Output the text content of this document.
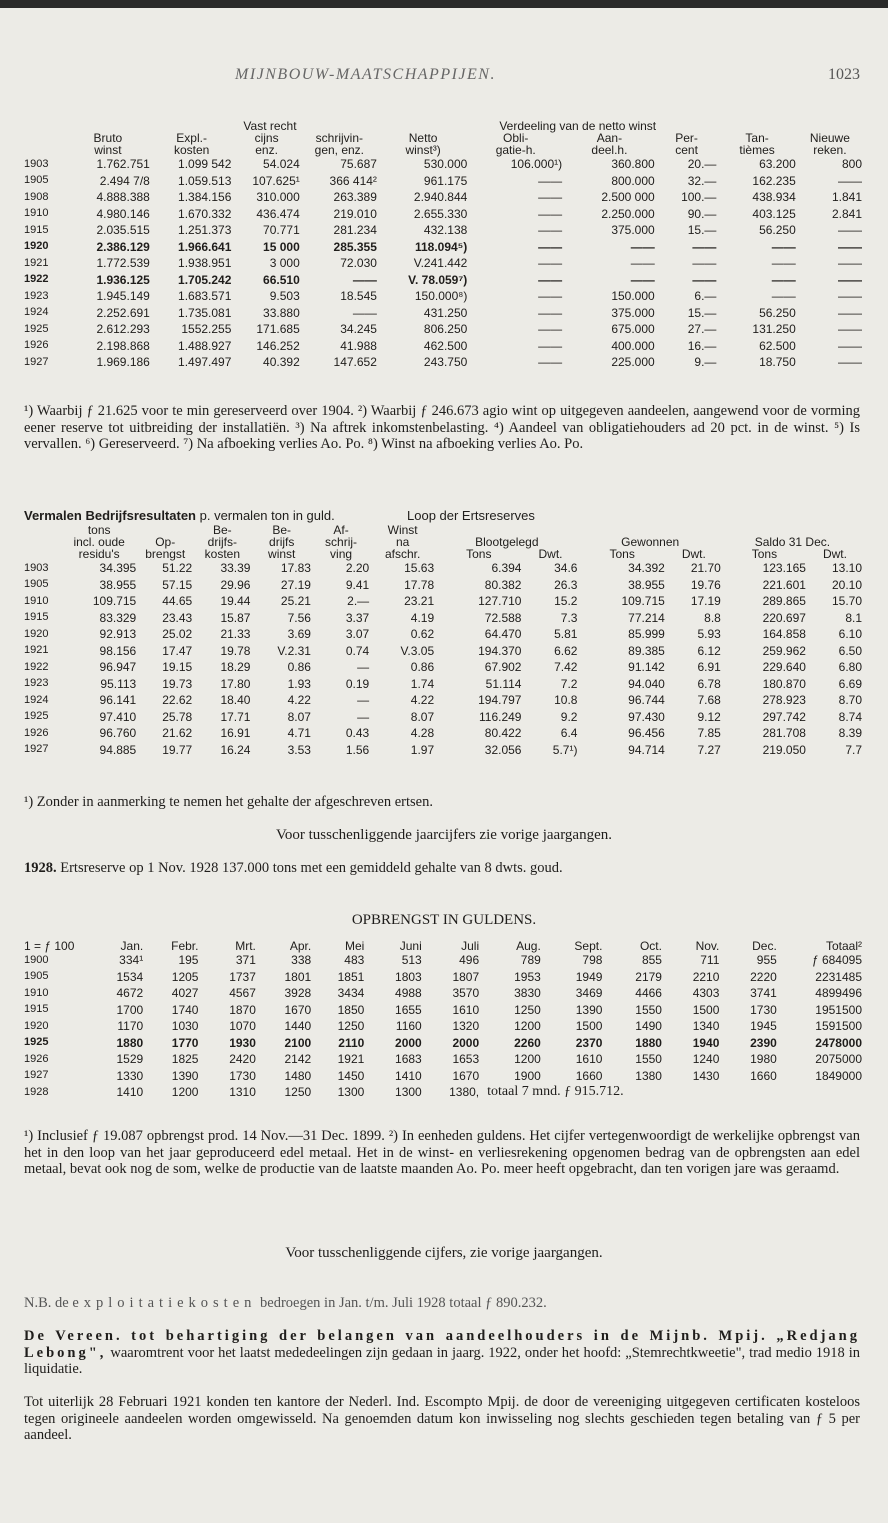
MIJNBOUW-MAATSCHAPPIJEN.	1023
			Vast recht			Verdeeling van de netto winst				
	Bruto	Expl.-	cijns	schrijvin-	Netto	Obli-	Aan-	Per-	Tan-	Nieuwe
	winst	kosten	enz.	gen, enz.	winst³)	gatie-h.	deel.h.	cent	tièmes	reken.
1903	1.762.751	1.099 542	54.024	75.687	530.000	106.000¹)	360.800	20.—	63.200	800
1905	2.494 7/8	1.059.513	107.625¹	366 414²	961.175	——	800.000	32.—	162.235	——
1908	4.888.388	1.384.156	310.000	263.389	2.940.844	——	2.500 000	100.—	438.934	1.841
1910	4.980.146	1.670.332	436.474	219.010	2.655.330	——	2.250.000	90.—	403.125	2.841
1915	2.035.515	1.251.373	70.771	281.234	432.138	——	375.000	15.—	56.250	——
1920	2.386.129	1.966.641	15 000	285.355	118.094⁵)	——	——	——	——	——
1921	1.772.539	1.938.951	3 000	72.030	V.241.442	——	——	——	——	——
1922	1.936.125	1.705.242	66.510	——	V. 78.059⁷)	——	——	——	——	——
1923	1.945.149	1.683.571	9.503	18.545	150.000⁸)	——	150.000	6.—	——	——
1924	2.252.691	1.735.081	33.880	——	431.250	——	375.000	15.—	56.250	——
1925	2.612.293	1552.255	171.685	34.245	806.250	——	675.000	27.—	131.250	——
1926	2.198.868	1.488.927	146.252	41.988	462.500	——	400.000	16.—	62.500	——
1927	1.969.186	1.497.497	40.392	147.652	243.750	——	225.000	9.—	18.750	——
¹) Waarbij ƒ 21.625 voor te min gereserveerd over 1904. ²) Waarbij ƒ 246.673 agio wint op uitgegeven aandeelen, aangewend voor de vorming eener reserve tot uitbreiding der installatiën. ³) Na aftrek inkomstenbelasting. ⁴) Aandeel van obligatiehouders ad 20 pct. in de winst. ⁵) Is vervallen. ⁶) Gereserveerd. ⁷) Na afboeking verlies Ao. Po. ⁸) Winst na afboeking verlies Ao. Po.
Vermalen Bedrijfsresultaten p. vermalen ton in guld.	Loop der Ertsreserves
	tons		Be-	Be-	Af-	Winst						
	incl. oude	Op-	drijfs-	drijfs	schrij-	na	Blootgelegd		Gewonnen		Saldo 31 Dec.	
	residu's	brengst	kosten	winst	ving	afschr.	Tons	Dwt.	Tons	Dwt.	Tons	Dwt.
1903	34.395	51.22	33.39	17.83	2.20	15.63	6.394	34.6	34.392	21.70	123.165	13.10
1905	38.955	57.15	29.96	27.19	9.41	17.78	80.382	26.3	38.955	19.76	221.601	20.10
1910	109.715	44.65	19.44	25.21	2.—	23.21	127.710	15.2	109.715	17.19	289.865	15.70
1915	83.329	23.43	15.87	7.56	3.37	4.19	72.588	7.3	77.214	8.8	220.697	8.1
1920	92.913	25.02	21.33	3.69	3.07	0.62	64.470	5.81	85.999	5.93	164.858	6.10
1921	98.156	17.47	19.78	V.2.31	0.74	V.3.05	194.370	6.62	89.385	6.12	259.962	6.50
1922	96.947	19.15	18.29	0.86	—	0.86	67.902	7.42	91.142	6.91	229.640	6.80
1923	95.113	19.73	17.80	1.93	0.19	1.74	51.114	7.2	94.040	6.78	180.870	6.69
1924	96.141	22.62	18.40	4.22	—	4.22	194.797	10.8	96.744	7.68	278.923	8.70
1925	97.410	25.78	17.71	8.07	—	8.07	116.249	9.2	97.430	9.12	297.742	8.74
1926	96.760	21.62	16.91	4.71	0.43	4.28	80.422	6.4	96.456	7.85	281.708	8.39
1927	94.885	19.77	16.24	3.53	1.56	1.97	32.056	5.7¹)	94.714	7.27	219.050	7.7
¹) Zonder in aanmerking te nemen het gehalte der afgeschreven ertsen.
Voor tusschenliggende jaarcijfers zie vorige jaargangen.
1928. Ertsreserve op 1 Nov. 1928 137.000 tons met een gemiddeld gehalte van 8 dwts. goud.
OPBRENGST IN GULDENS.
1 = ƒ 100	Jan.	Febr.	Mrt.	Apr.	Mei	Juni	Juli	Aug.	Sept.	Oct.	Nov.	Dec.	Totaal²
1900	334¹	195	371	338	483	513	496	789	798	855	711	955	ƒ 684095
1905	1534	1205	1737	1801	1851	1803	1807	1953	1949	2179	2210	2220	2231485
1910	4672	4027	4567	3928	3434	4988	3570	3830	3469	4466	4303	3741	4899496
1915	1700	1740	1870	1670	1850	1655	1610	1250	1390	1550	1500	1730	1951500
1920	1170	1030	1070	1440	1250	1160	1320	1200	1500	1490	1340	1945	1591500
1925	1880	1770	1930	2100	2110	2000	2000	2260	2370	1880	1940	2390	2478000
1926	1529	1825	2420	2142	1921	1683	1653	1200	1610	1550	1240	1980	2075000
1927	1330	1390	1730	1480	1450	1410	1670	1900	1660	1380	1430	1660	1849000
1928	1410	1200	1310	1250	1300	1300	1380,	totaal 7 mnd. ƒ 915.712.					
¹) Inclusief ƒ 19.087 opbrengst prod. 14 Nov.—31 Dec. 1899. ²) In eenheden guldens. Het cijfer vertegenwoordigt de werkelijke opbrengst van het in den loop van het jaar geproduceerd edel metaal. Het in de winst- en verliesrekening opgenomen bedrag van de opbrengsten aan edel metaal, bevat ook nog de som, welke de productie van de laatste maanden Ao. Po. meer heeft opgebracht, dan ten vorigen jare was geraamd.
Voor tusschenliggende cijfers, zie vorige jaargangen.
N.B. de exploitatiekosten bedroegen in Jan. t/m. Juli 1928 totaal ƒ 890.232.
De Vereen. tot behartiging der belangen van aandeelhouders in de Mijnb. Mpij. „Redjang Lebong", waaromtrent voor het laatst mededeelingen zijn gedaan in jaarg. 1922, onder het hoofd: „Stemrechtkweetie", trad medio 1918 in liquidatie.
Tot uiterlijk 28 Februari 1921 konden ten kantore der Nederl. Ind. Escompto Mpij. de door de vereeniging uitgegeven certificaten kosteloos tegen origineele aandeelen worden omgewisseld. Na genoemden datum kon inwisseling nog slechts geschieden tegen betaling van ƒ 5 per aandeel.
